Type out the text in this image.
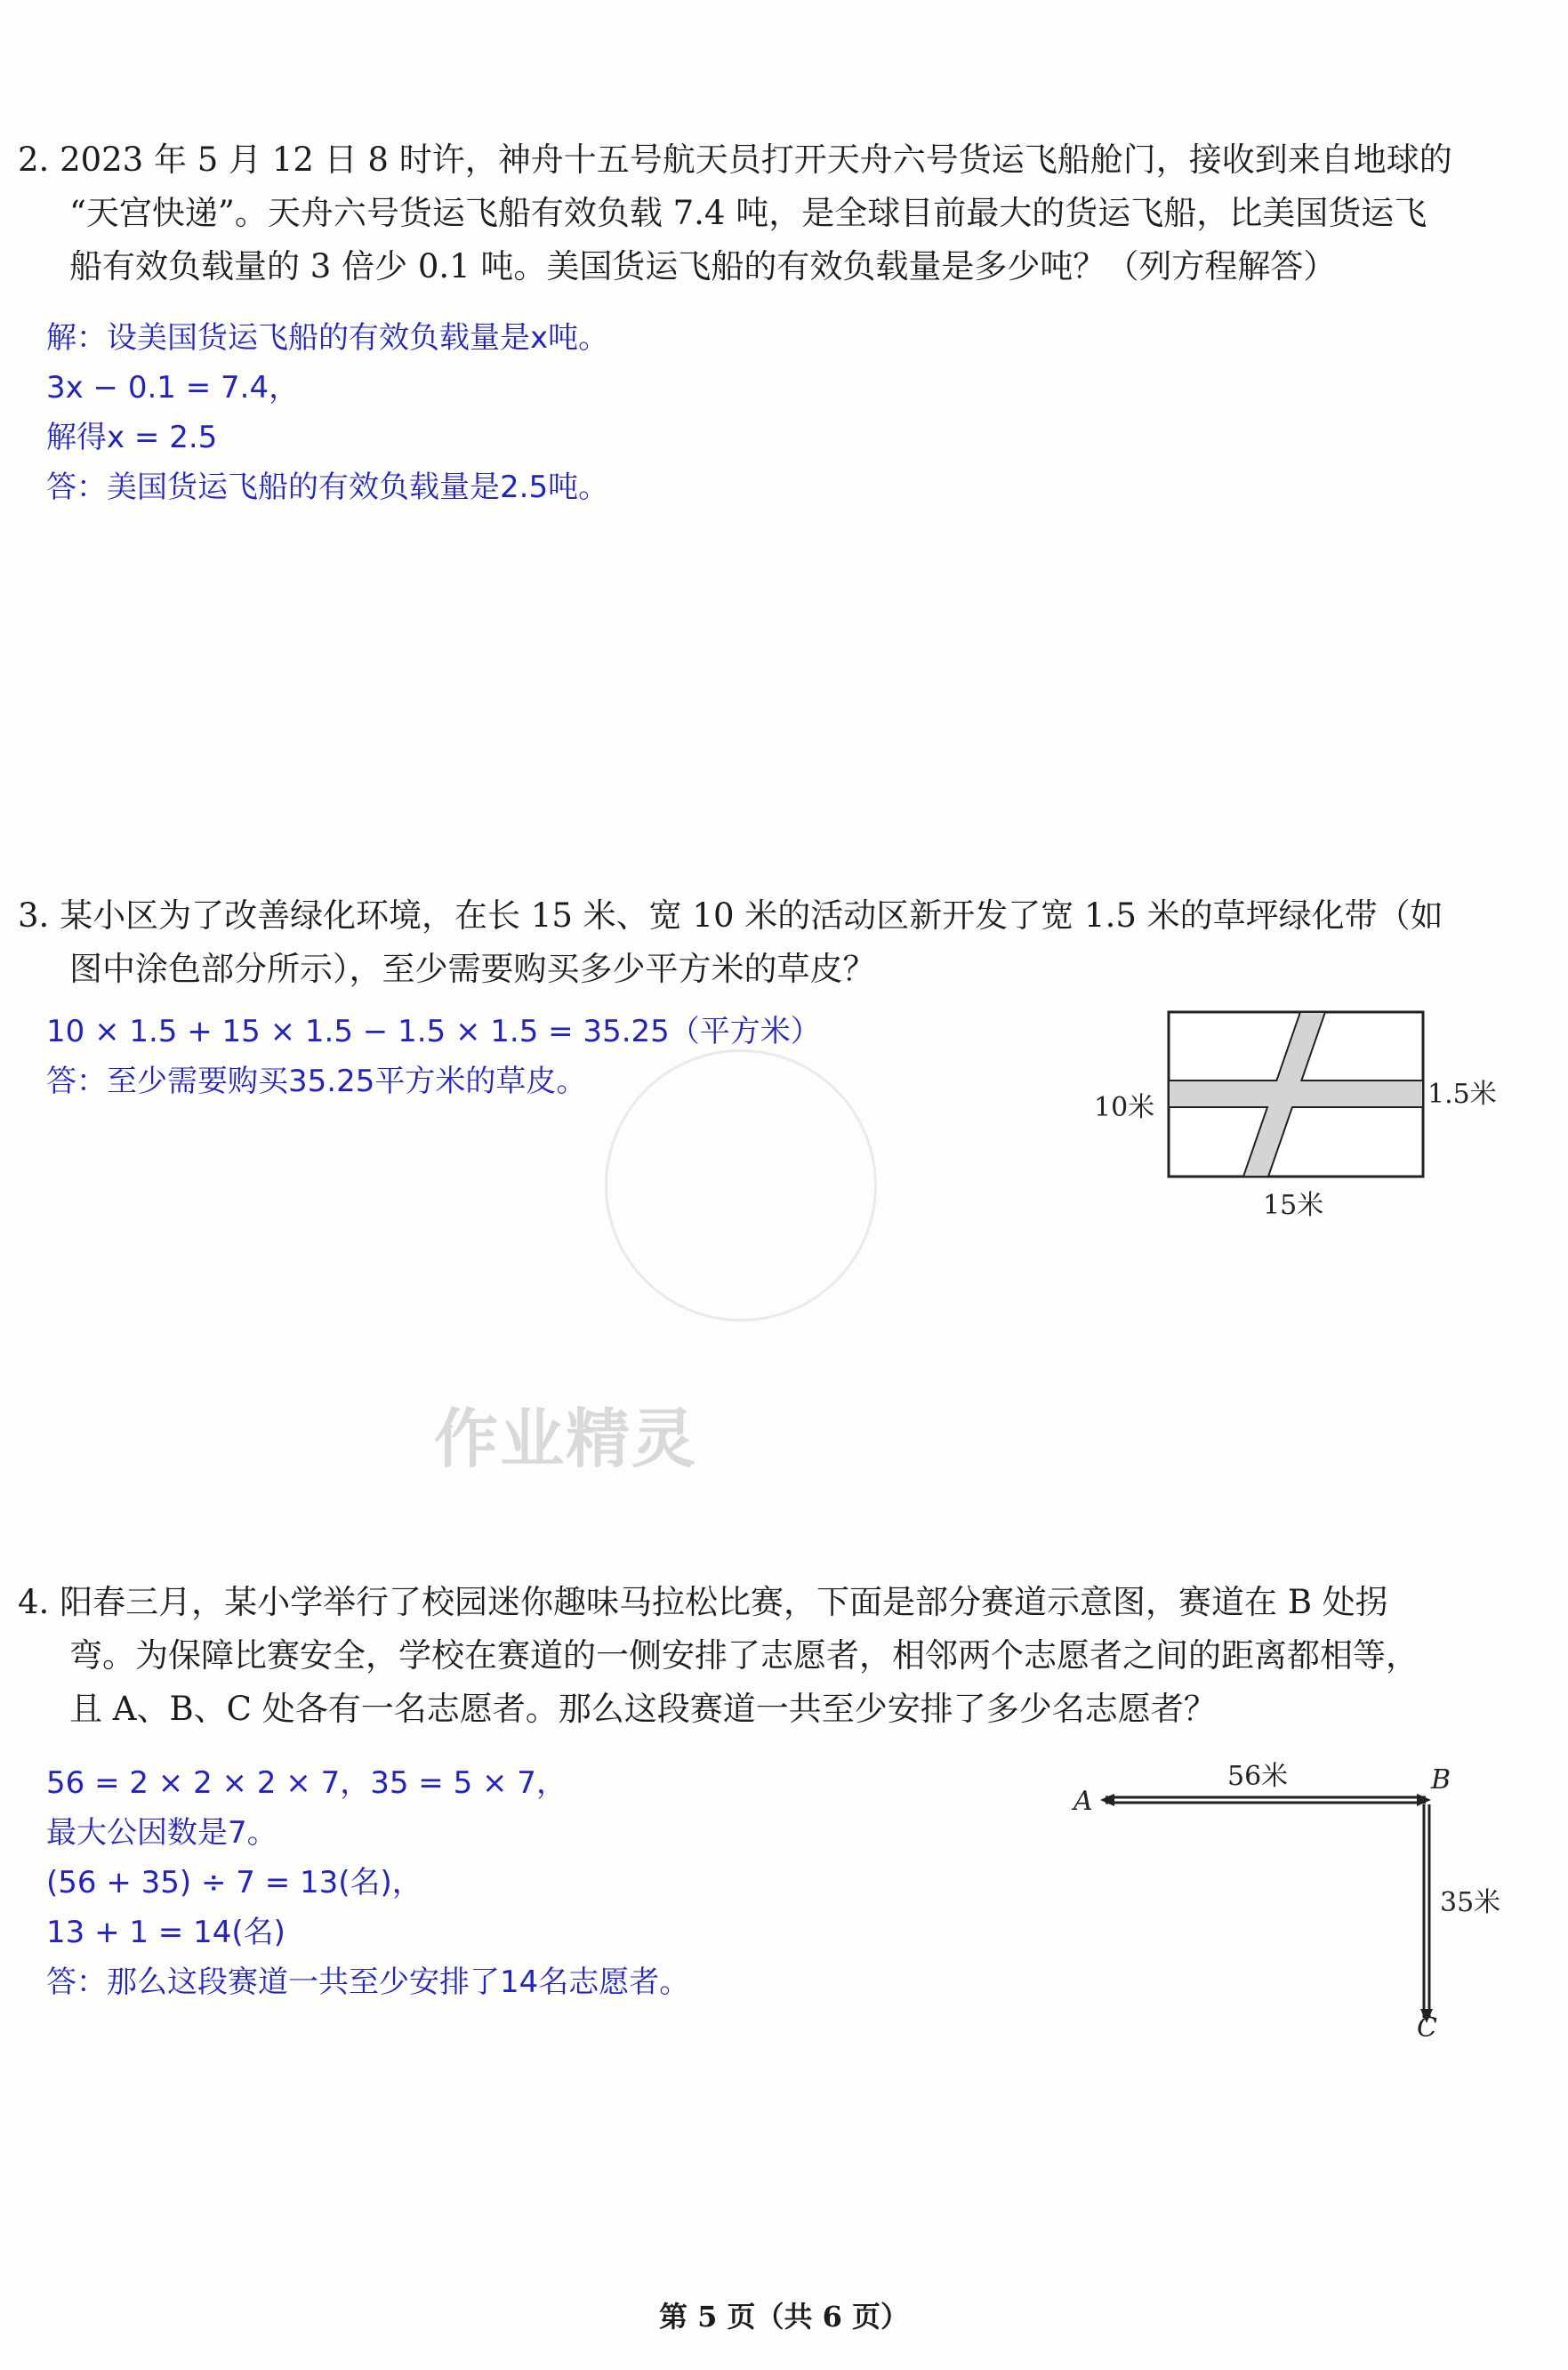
2. 2023 年 5 月 12 日 8 时许，神舟十五号航天员打开天舟六号货运飞船舱门，接收到来自地球的
“天宫快递”。天舟六号货运飞船有效负载 7.4 吨，是全球目前最大的货运飞船，比美国货运飞
船有效负载量的 3 倍少 0.1 吨。美国货运飞船的有效负载量是多少吨？（列方程解答）
解：设美国货运飞船的有效负载量是x吨。
3x − 0.1 = 7.4，
解得x = 2.5
答：美国货运飞船的有效负载量是2.5吨。
3. 某小区为了改善绿化环境，在长 15 米、宽 10 米的活动区新开发了宽 1.5 米的草坪绿化带（如
图中涂色部分所示），至少需要购买多少平方米的草皮？
10 × 1.5 + 15 × 1.5 − 1.5 × 1.5 = 35.25（平方米）
答：至少需要购买35.25平方米的草皮。
10米	1.5米
15米
作业精灵
4. 阳春三月，某小学举行了校园迷你趣味马拉松比赛，下面是部分赛道示意图，赛道在 B 处拐
弯。为保障比赛安全，学校在赛道的一侧安排了志愿者，相邻两个志愿者之间的距离都相等，
且 A、B、C 处各有一名志愿者。那么这段赛道一共至少安排了多少名志愿者？
56 = 2 × 2 × 2 × 7，35 = 5 × 7，
最大公因数是7。
(56 + 35) ÷ 7 = 13(名)，
13 + 1 = 14(名)
答：那么这段赛道一共至少安排了14名志愿者。
A
B
C
56米
35米
第 5 页（共 6 页）
